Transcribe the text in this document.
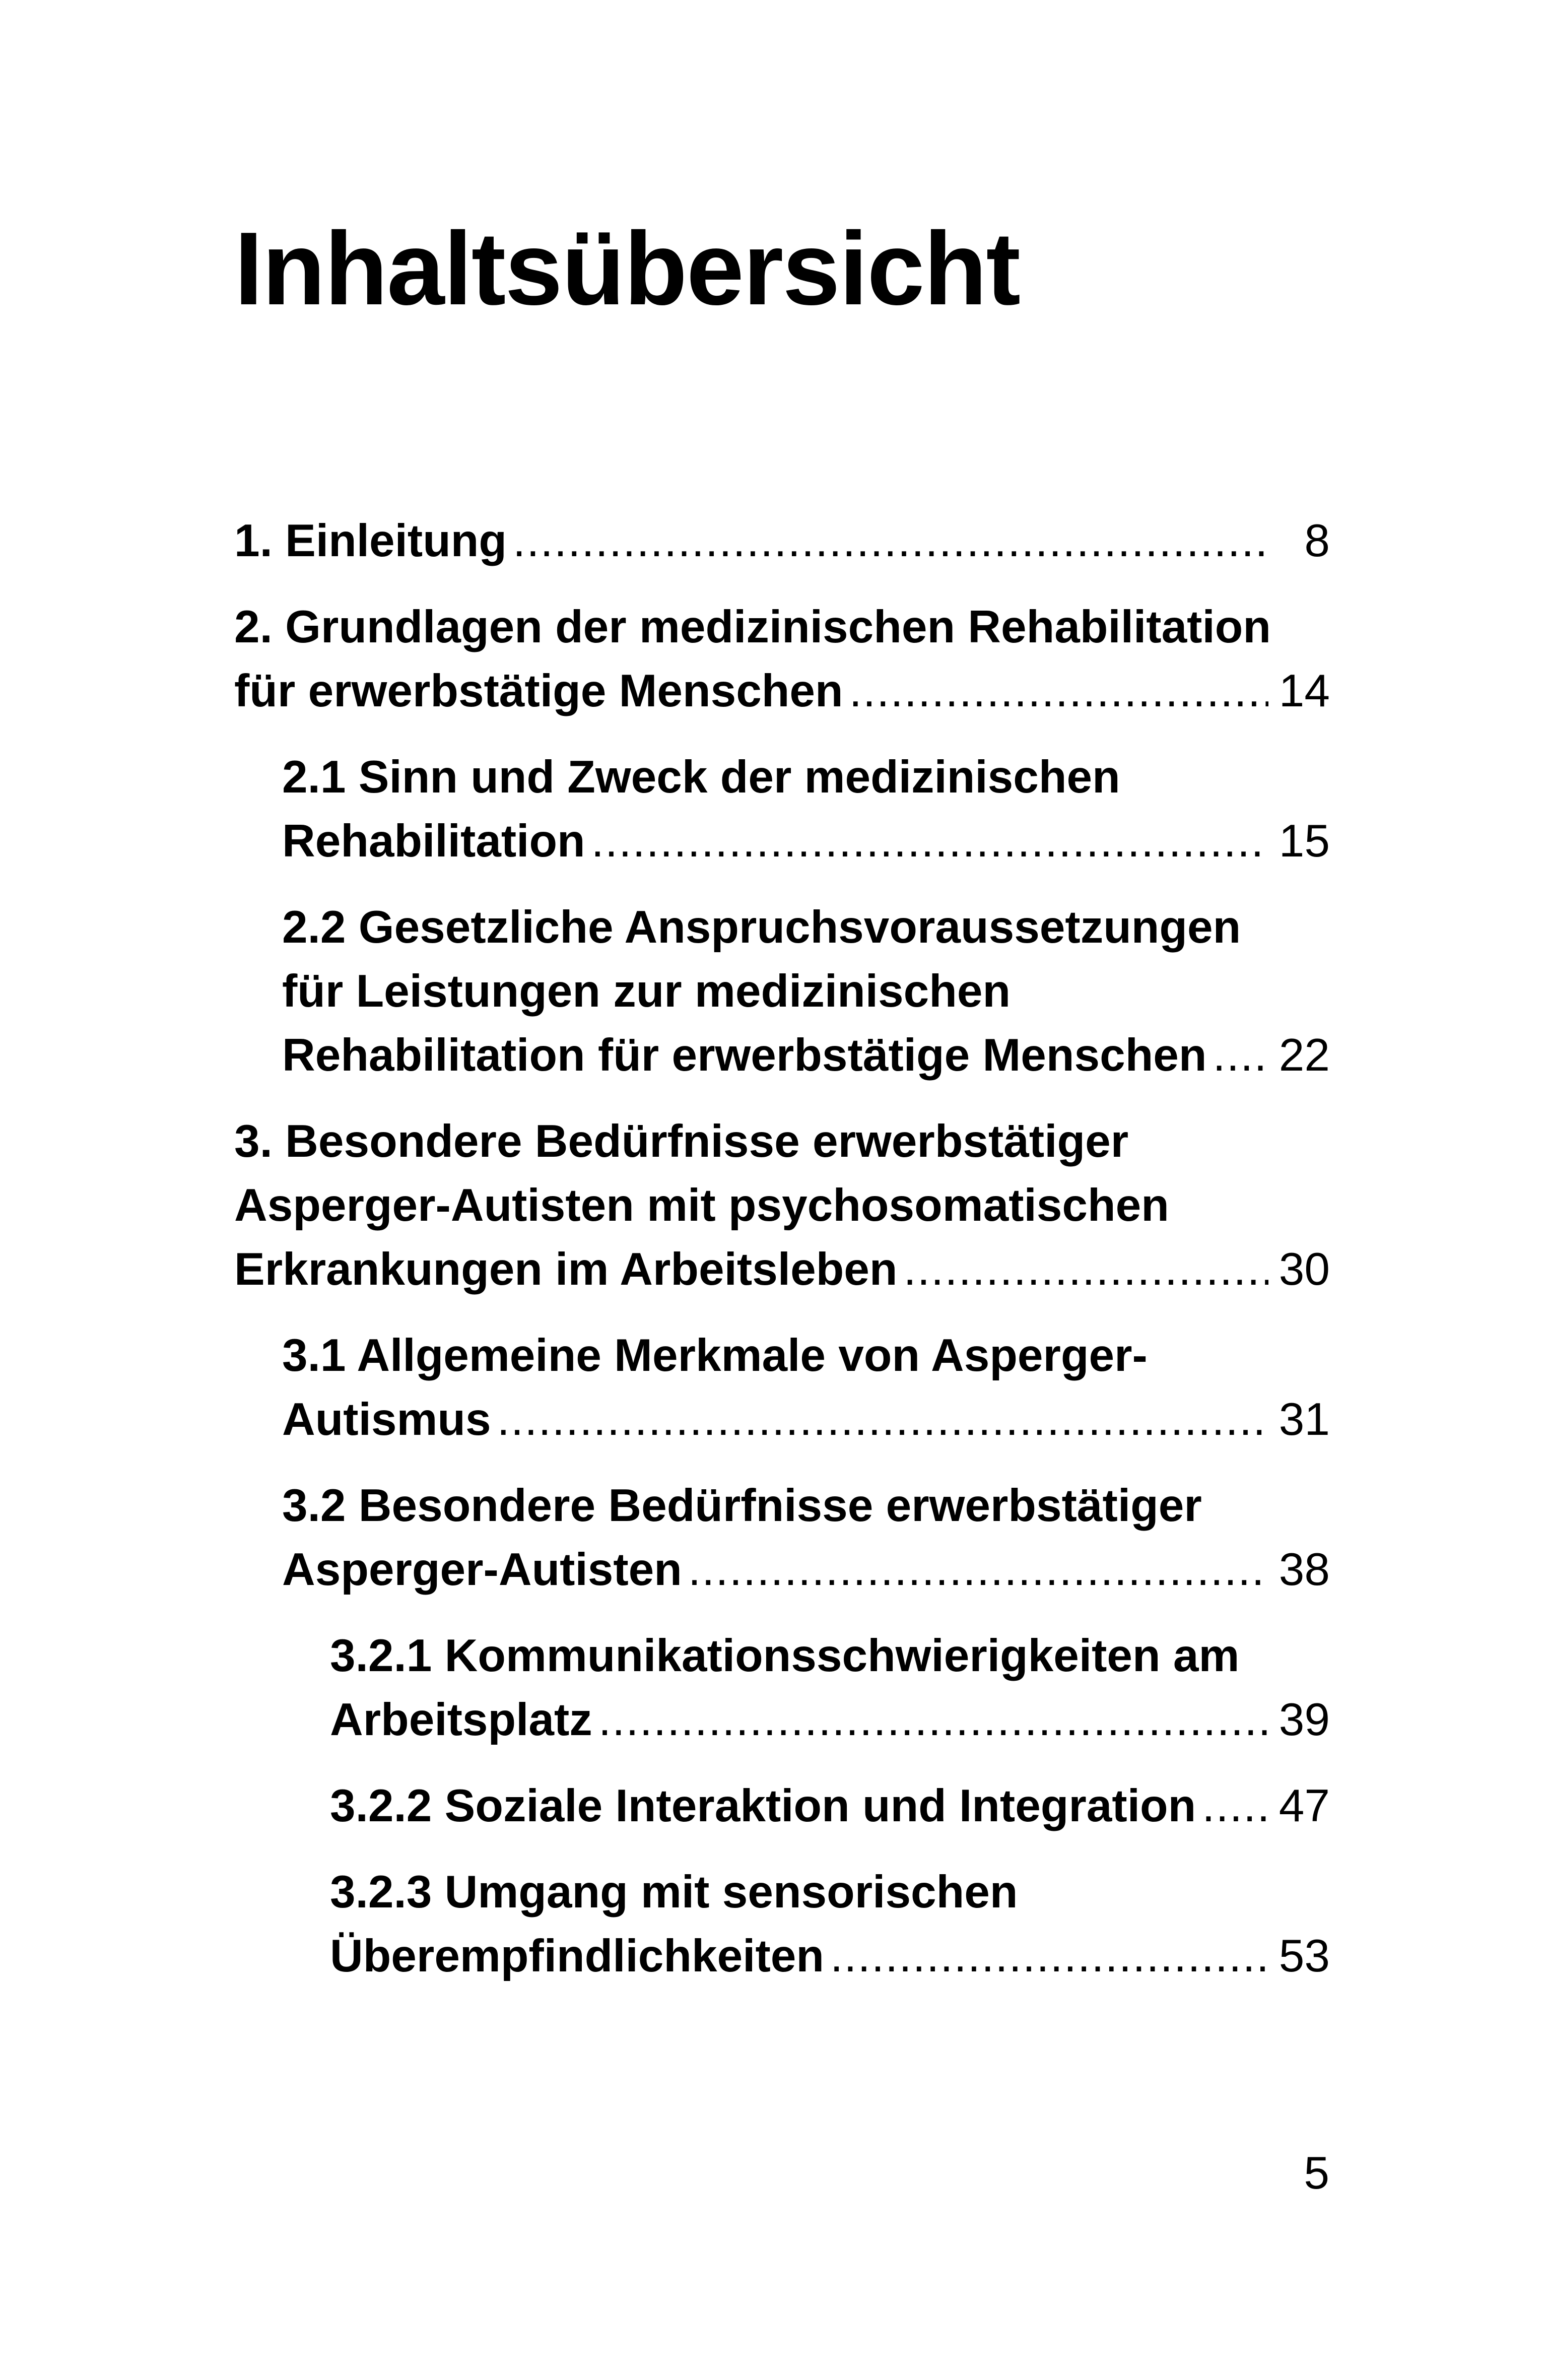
Inhaltsübersicht
1. Einleitung .....	8
2. Grundlagen der medizinischen Rehabilitation
für erwerbstätige Menschen .....	14
2.1 Sinn und Zweck der medizinischen
Rehabilitation .....	15
2.2 Gesetzliche Anspruchsvoraussetzungen
für Leistungen zur medizinischen
Rehabilitation für erwerbstätige Menschen ..... 22
3. Besondere Bedürfnisse erwerbstätiger
Asperger-Autisten mit psychosomatischen
Erkrankungen im Arbeitsleben .....	30
3.1 Allgemeine Merkmale von Asperger-
Autismus .....	31
3.2 Besondere Bedürfnisse erwerbstätiger
Asperger-Autisten .....	38
3.2.1 Kommunikationsschwierigkeiten am
Arbeitsplatz .....	39
3.2.2 Soziale Interaktion und Integration ..... 47
3.2.3 Umgang mit sensorischen
Überempfindlichkeiten .....	53
5
